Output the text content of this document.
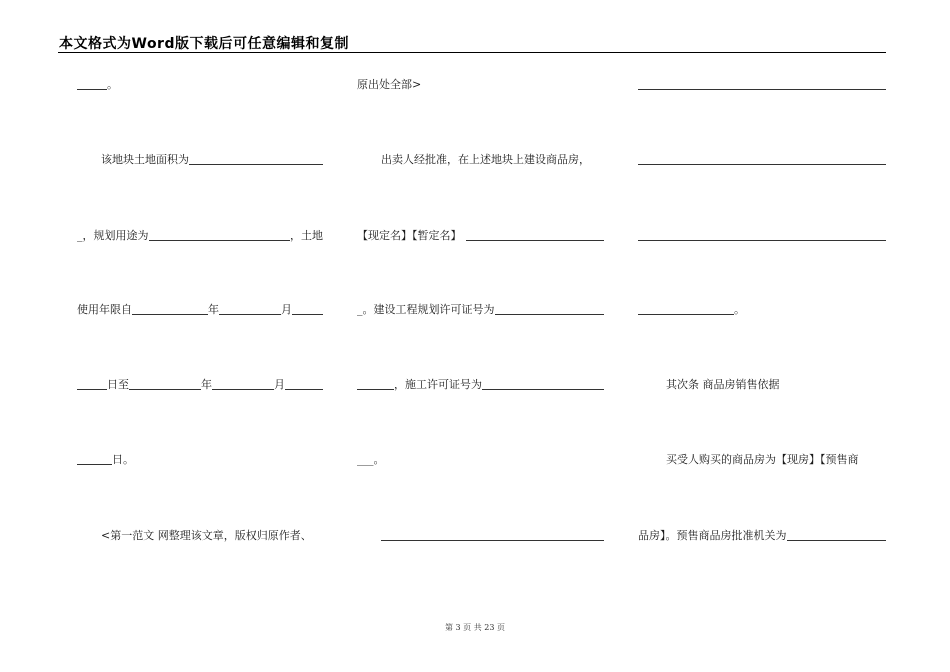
本文格式为Word版下载后可任意编辑和复制
。
该地块土地面积为
_，规划用途为	，土地
使用年限自	年	月
日至	年	月
日。
<第一范文 网整理该文章，版权归原作者、
原出处全部>
出卖人经批准，在上述地块上建设商品房，
【现定名】【暂定名】
_。建设工程规划许可证号为
，施工许可证号为
___。
。
其次条 商品房销售依据
买受人购买的商品房为【现房】【预售商
品房】。预售商品房批准机关为
第 3 页 共 23 页
